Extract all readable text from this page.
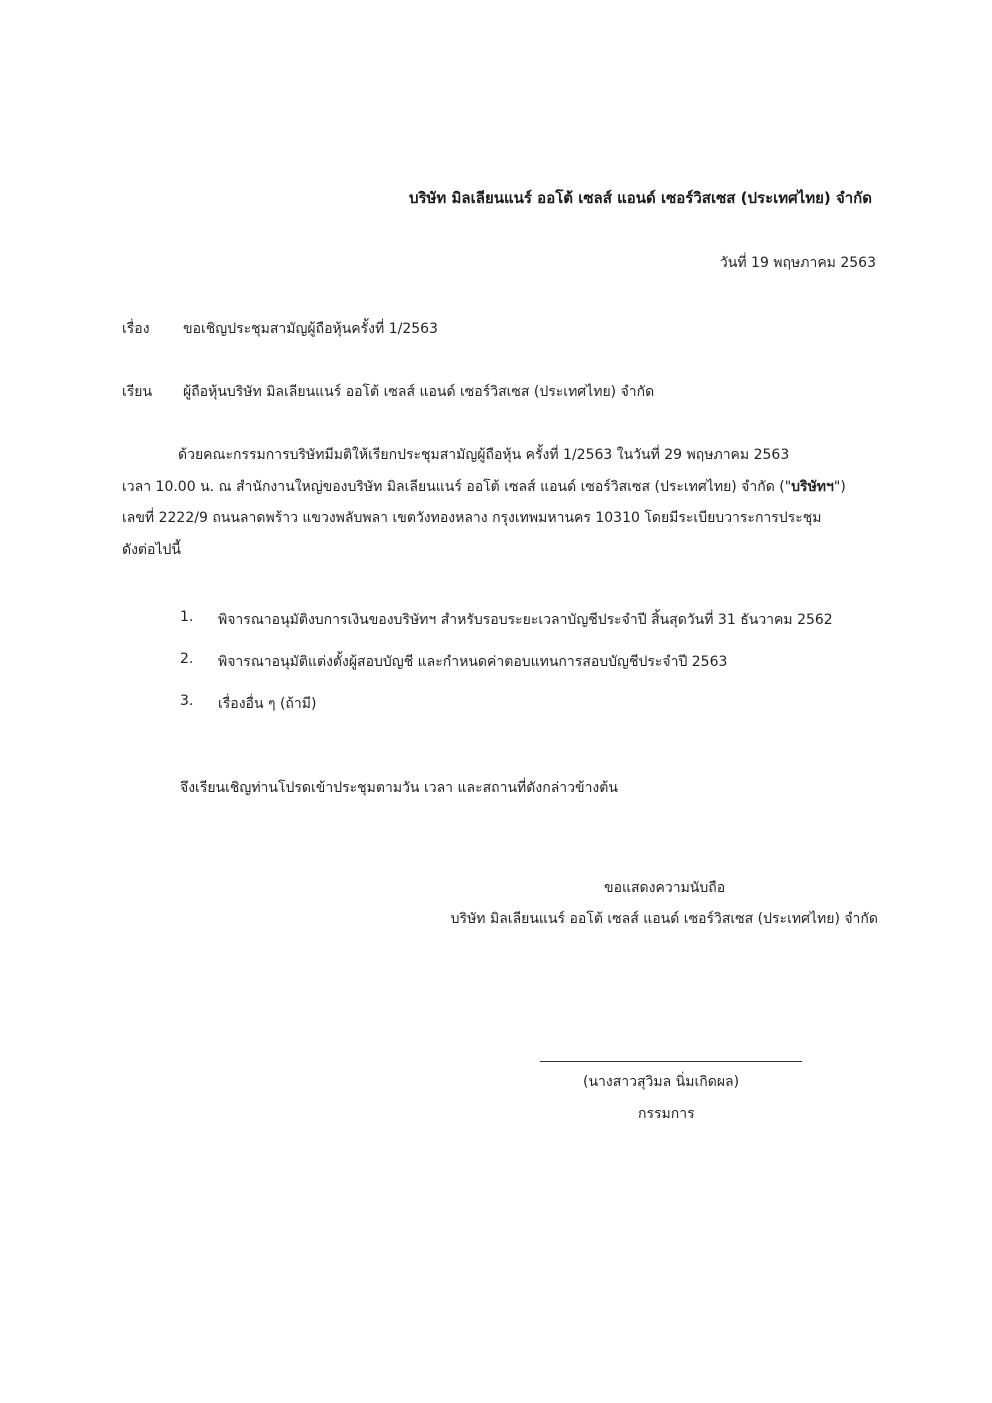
บริษัท มิลเลียนแนร์ ออโต้ เซลส์ แอนด์ เซอร์วิสเซส (ประเทศไทย) จำกัด
วันที่ 19 พฤษภาคม 2563
เรื่อง ขอเชิญประชุมสามัญผู้ถือหุ้นครั้งที่ 1/2563
เรียน ผู้ถือหุ้นบริษัท มิลเลียนแนร์ ออโต้ เซลส์ แอนด์ เซอร์วิสเซส (ประเทศไทย) จำกัด
ด้วยคณะกรรมการบริษัทมีมติให้เรียกประชุมสามัญผู้ถือหุ้น ครั้งที่ 1/2563 ในวันที่ 29 พฤษภาคม 2563
เวลา 10.00 น. ณ สำนักงานใหญ่ของบริษัท มิลเลียนแนร์ ออโต้ เซลส์ แอนด์ เซอร์วิสเซส (ประเทศไทย) จำกัด ("บริษัทฯ")
เลขที่ 2222/9 ถนนลาดพร้าว แขวงพลับพลา เขตวังทองหลาง กรุงเทพมหานคร 10310 โดยมีระเบียบวาระการประชุม
ดังต่อไปนี้
1. พิจารณาอนุมัติงบการเงินของบริษัทฯ สำหรับรอบระยะเวลาบัญชีประจำปี สิ้นสุดวันที่ 31 ธันวาคม 2562
2. พิจารณาอนุมัติแต่งตั้งผู้สอบบัญชี และกำหนดค่าตอบแทนการสอบบัญชีประจำปี 2563
3. เรื่องอื่น ๆ (ถ้ามี)
จึงเรียนเชิญท่านโปรดเข้าประชุมตามวัน เวลา และสถานที่ดังกล่าวข้างต้น
ขอแสดงความนับถือ
บริษัท มิลเลียนแนร์ ออโต้ เซลส์ แอนด์ เซอร์วิสเซส (ประเทศไทย) จำกัด
(นางสาวสุวิมล นิ่มเกิดผล)
กรรมการ
